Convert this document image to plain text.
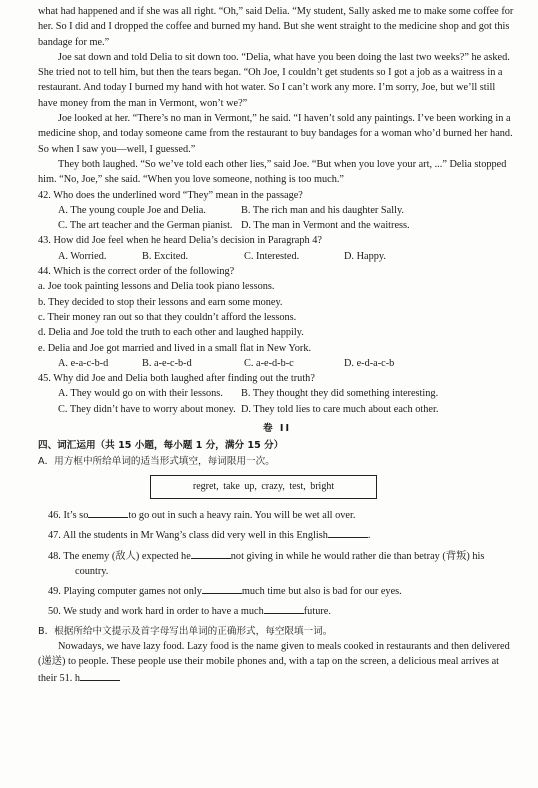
what had happened and if she was all right. “Oh,” said Delia. “My student, Sally asked me to make some coffee for her. So I did and I dropped the coffee and burned my hand. But she went straight to the medicine shop and got this bandage for me.”

Joe sat down and told Delia to sit down too. “Delia, what have you been doing the last two weeks?” he asked. She tried not to tell him, but then the tears began. “Oh Joe, I couldn’t get students so I got a job as a waitress in a restaurant. And today I burned my hand with hot water. So I can’t work any more. I’m sorry, Joe, but we’ll still have money from the man in Vermont, won’t we?”

Joe looked at her. “There’s no man in Vermont,” he said. “I haven’t sold any paintings. I’ve been working in a medicine shop, and today someone came from the restaurant to buy bandages for a woman who’d burned her hand. So when I saw you—well, I guessed.”

They both laughed. “So we’ve told each other lies,” said Joe. “But when you love your art, ...” Delia stopped him. “No, Joe,” she said. “When you love someone, nothing is too much.”

42. Who does the underlined word “They” mean in the passage?

A. The young couple Joe and Delia.	B. The rich man and his daughter Sally.
C. The art teacher and the German pianist. D. The man in Vermont and the waitress.

43. How did Joe feel when he heard Delia’s decision in Paragraph 4?

A. Worried.	B. Excited.	C. Interested.	D. Happy.

44. Which is the correct order of the following?

a. Joe took painting lessons and Delia took piano lessons.

b. They decided to stop their lessons and earn some money.

c. Their money ran out so that they couldn’t afford the lessons.

d. Delia and Joe told the truth to each other and laughed happily.

e. Delia and Joe got married and lived in a small flat in New York.

A. e-a-c-b-d	B. a-e-c-b-d	C. a-e-d-b-c	D. e-d-a-c-b

45. Why did Joe and Delia both laughed after finding out the truth?

A. They would go on with their lessons. B. They thought they did something interesting.
C. They didn’t have to worry about money. D. They told lies to care much about each other.
卷 II

四、词汇运用（共 15 小题，每小题 1 分，满分 15 分）

A．用方框中所给单词的适当形式填空，每词限用一次。

regret, take up, crazy, test, bright
46. It’s so	to go out in such a heavy rain. You will be wet all over.
47. All the students in Mr Wang’s class did very well in this English	.
48. The enemy (敌人) expected he	not giving in while he would rather die than betray (背叛) his
country.
49. Playing computer games not only	much time but also is bad for our eyes.
50. We study and work hard in order to have a much	future.

B．根据所给中文提示及首字母写出单词的正确形式，每空限填一词。

Nowadays, we have lazy food. Lazy food is the name given to meals cooked in restaurants and then delivered (递送) to people. These people use their mobile phones and, with a tap on the screen, a delicious meal arrives at their 51. h
